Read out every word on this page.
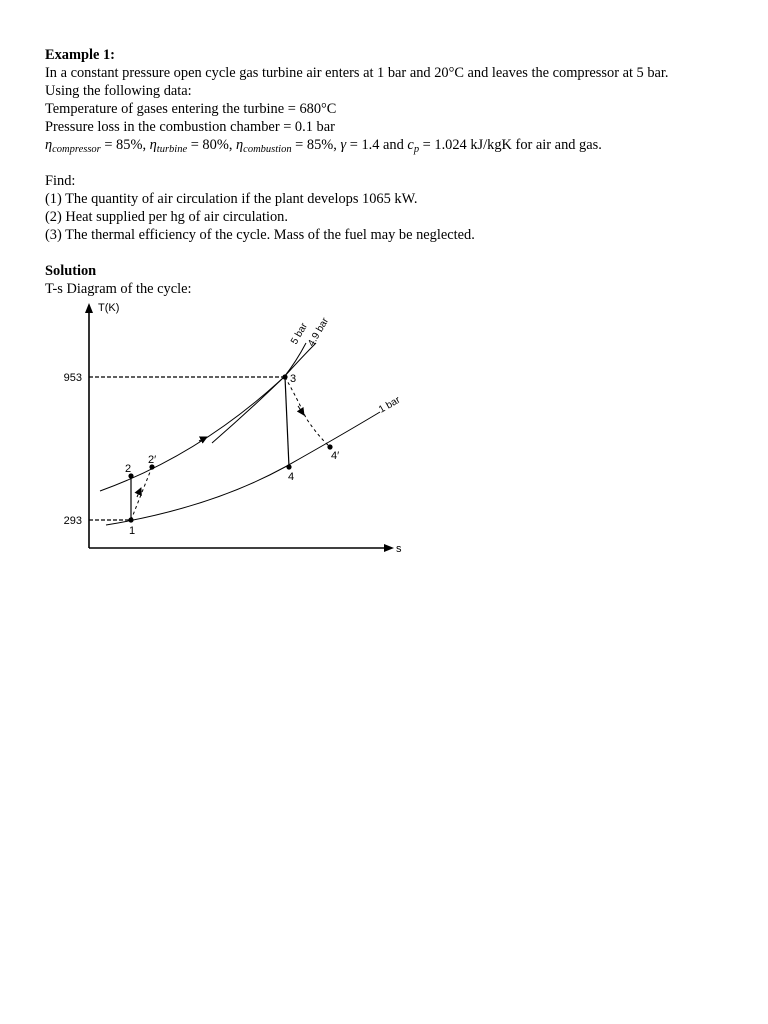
Example 1:
In a constant pressure open cycle gas turbine air enters at 1 bar and 20°C and leaves the compressor at 5 bar.
Using the following data:
Temperature of gases entering the turbine = 680°C
Pressure loss in the combustion chamber = 0.1 bar
$\eta_{compressor} = 85\%$, $\eta_{turbine} = 80\%$, $\eta_{combustion} = 85\%$, γ = 1.4 and $c_p = 1.024$ kJ/kgK for air and gas.
Find:
(1) The quantity of air circulation if the plant develops 1065 kW.
(2) Heat supplied per hg of air circulation.
(3) The thermal efficiency of the cycle. Mass of the fuel may be neglected.
Solution
T-s Diagram of the cycle:
T(K)
s
953
293
1 bar
5 bar
4.9 bar
1
2
2′
3
4
4′
